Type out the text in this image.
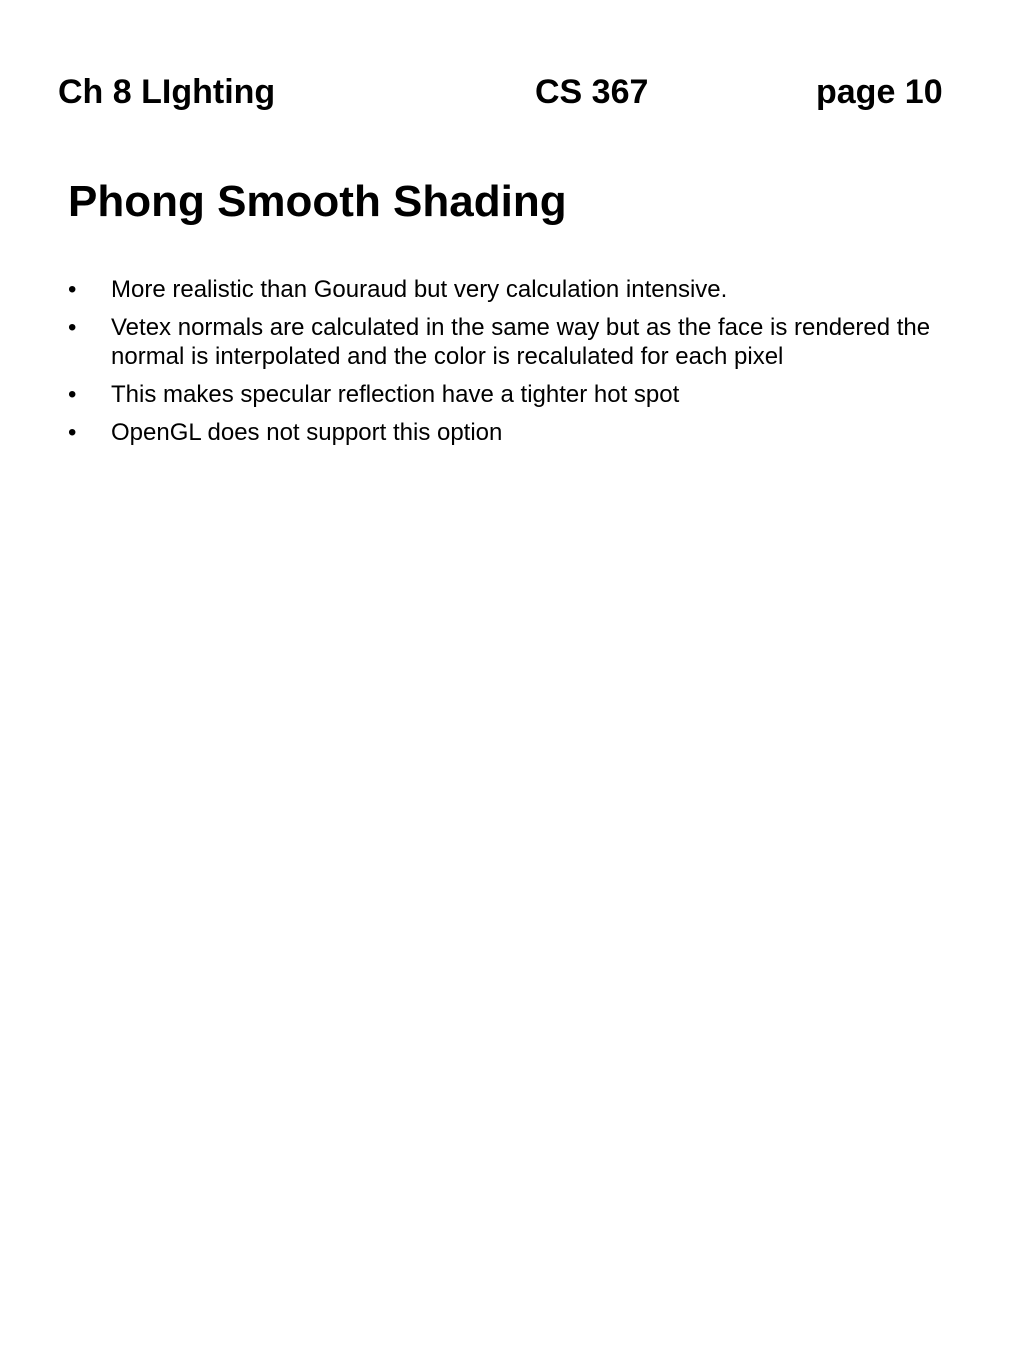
Ch 8 LIghting	CS 367	page 10
Phong Smooth Shading
•	More realistic than Gouraud but very calculation intensive.
•	Vetex normals are calculated in the same way but as the face is rendered the normal is interpolated and the color is recalulated for each pixel
•	This makes specular reflection have a tighter hot spot
•	OpenGL does not support this option
